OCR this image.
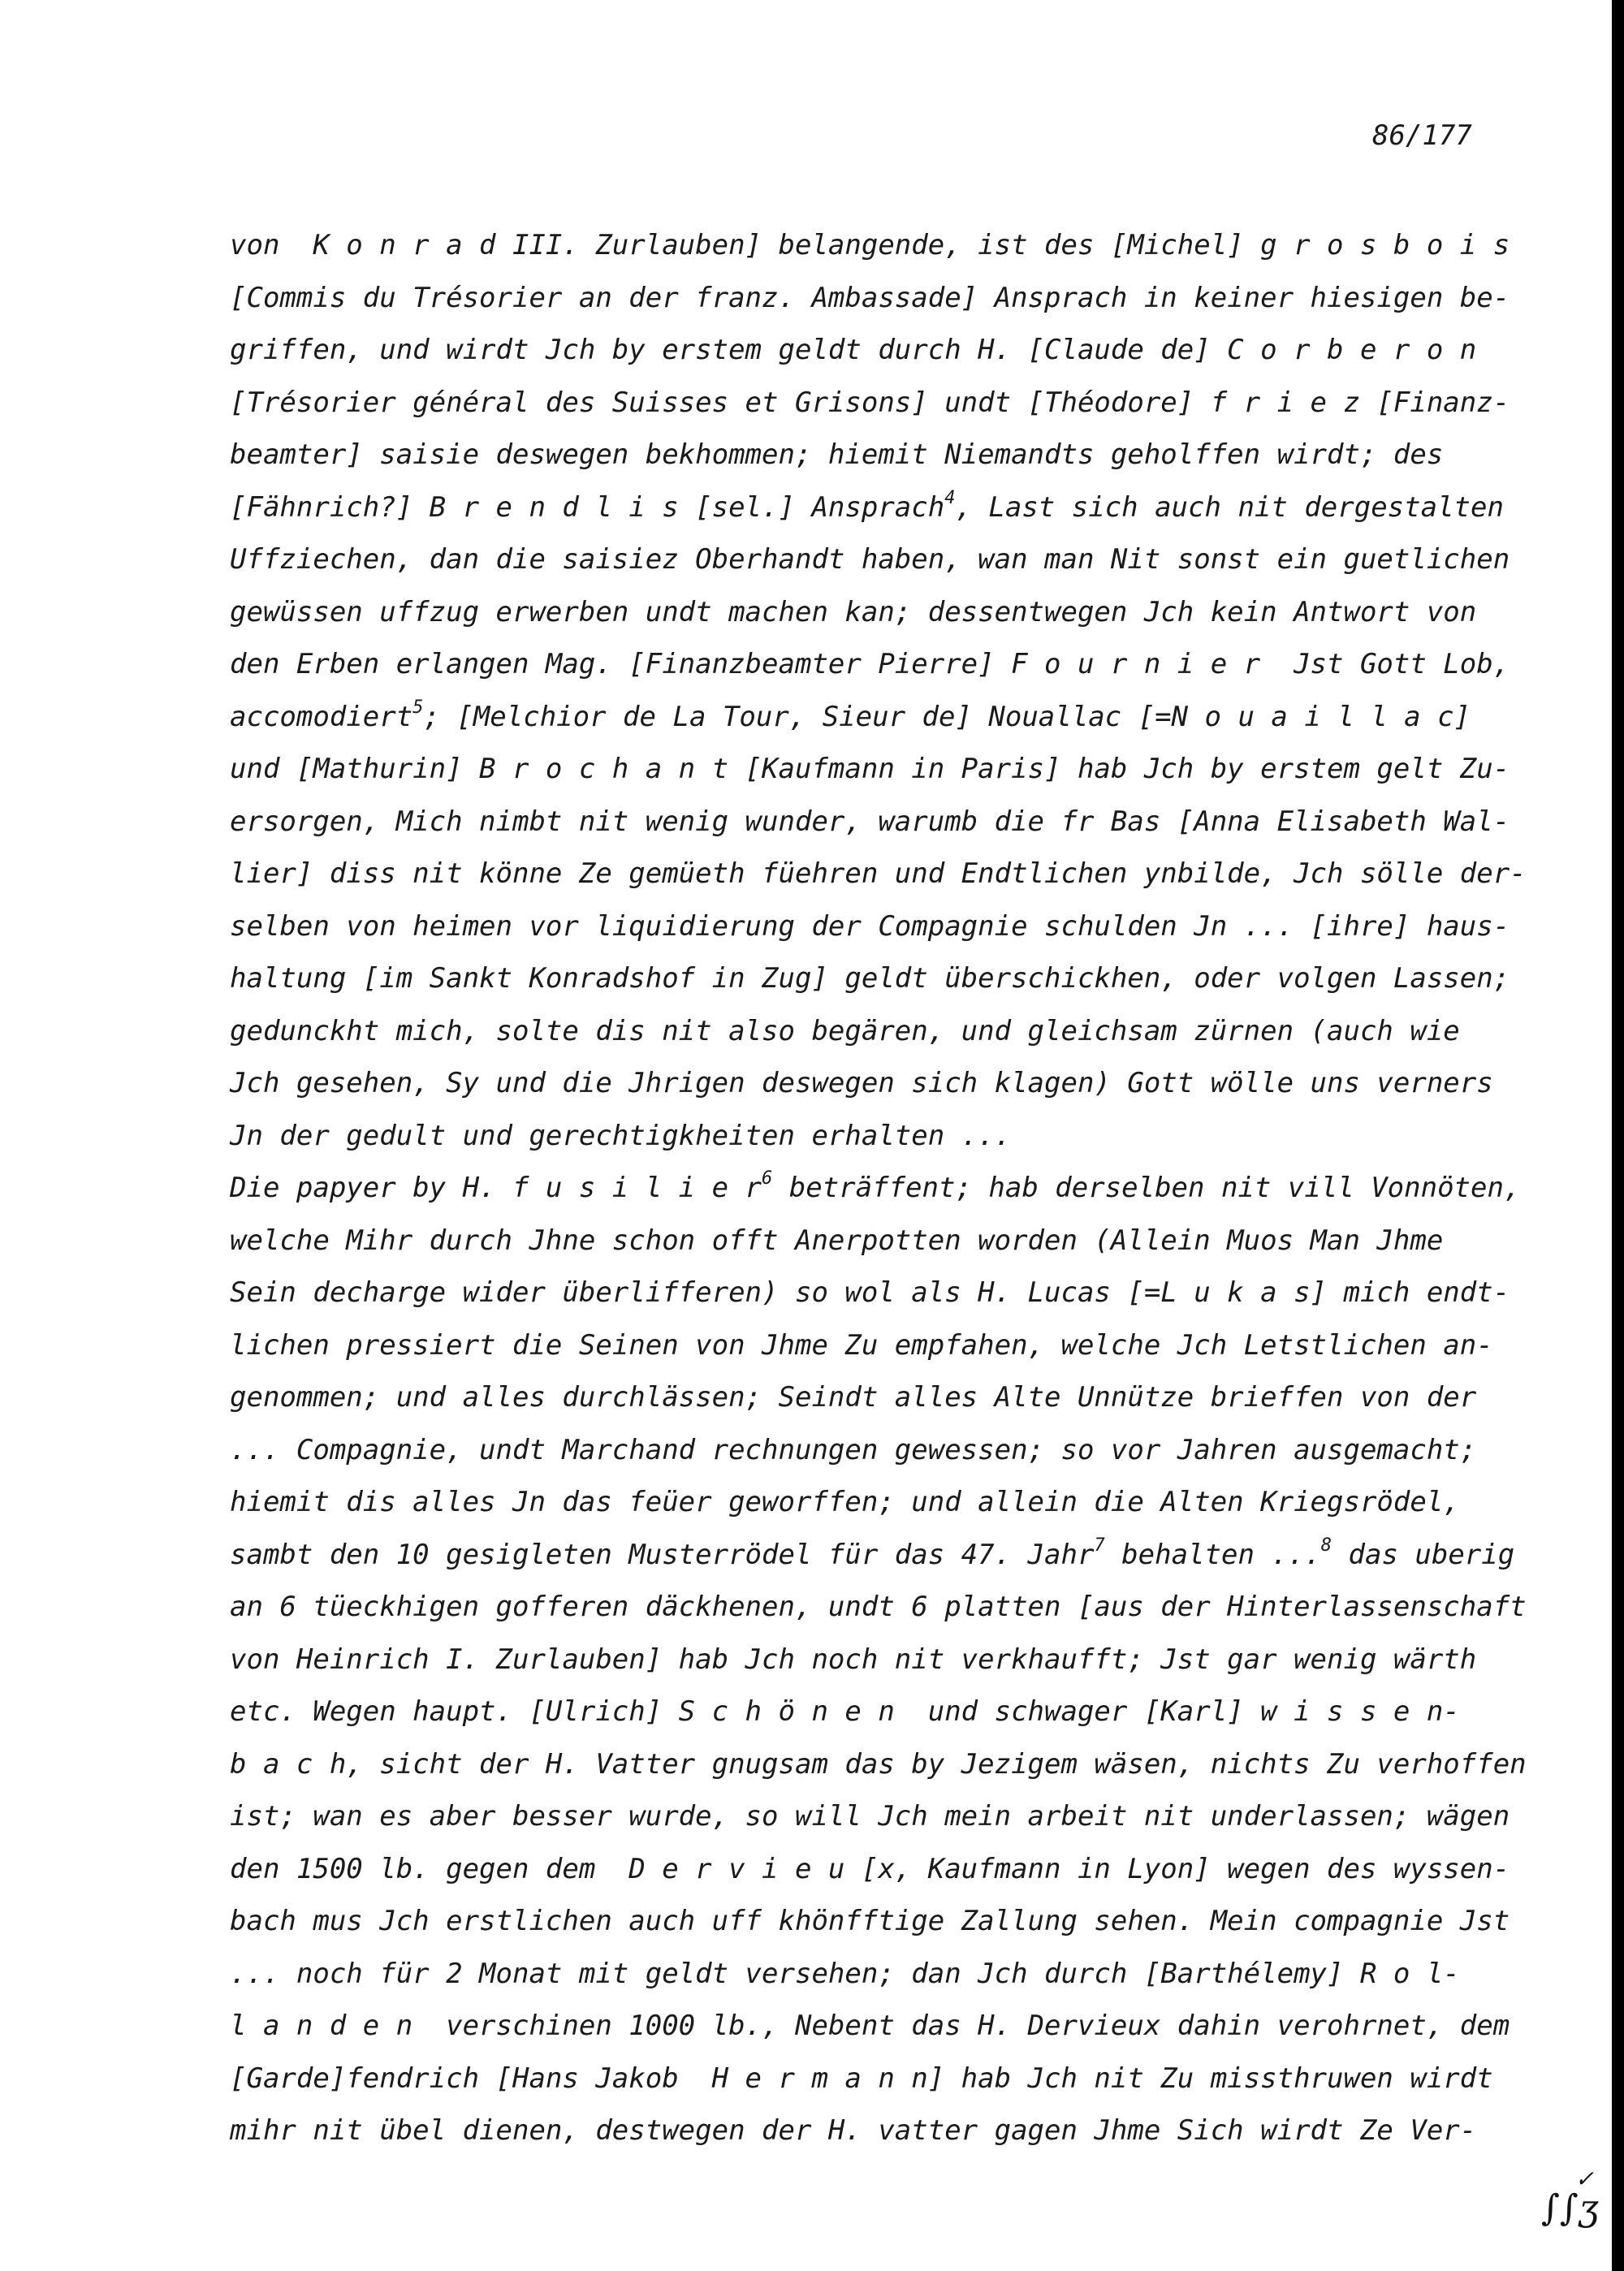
86/177
von  K o n r a d III. Zurlauben] belangende, ist des [Michel] g r o s b o i s
[Commis du Trésorier an der franz. Ambassade] Ansprach in keiner hiesigen be-
griffen, und wirdt Jch by erstem geldt durch H. [Claude de] C o r b e r o n
[Trésorier général des Suisses et Grisons] undt [Théodore] f r i e z [Finanz-
beamter] saisie deswegen bekhommen; hiemit Niemandts geholffen wirdt; des
[Fähnrich?] B r e n d l i s [sel.] Ansprach$^4$, Last sich auch nit dergestalten
Uffziechen, dan die saisiez Oberhandt haben, wan man Nit sonst ein guetlichen
gewüssen uffzug erwerben undt machen kan; dessentwegen Jch kein Antwort von
den Erben erlangen Mag. [Finanzbeamter Pierre] F o u r n i e r  Jst Gott Lob,
accomodiert$^5$; [Melchior de La Tour, Sieur de] Nouallac [=N o u a i l l a c]
und [Mathurin] B r o c h a n t [Kaufmann in Paris] hab Jch by erstem gelt Zu-
ersorgen, Mich nimbt nit wenig wunder, warumb die fr Bas [Anna Elisabeth Wal-
lier] diss nit könne Ze gemüeth füehren und Endtlichen ynbilde, Jch sölle der-
selben von heimen vor liquidierung der Compagnie schulden Jn ... [ihre] haus-
haltung [im Sankt Konradshof in Zug] geldt überschickhen, oder volgen Lassen;
gedunckht mich, solte dis nit also begären, und gleichsam zürnen (auch wie
Jch gesehen, Sy und die Jhrigen deswegen sich klagen) Gott wölle uns verners
Jn der gedult und gerechtigkheiten erhalten ...
Die papyer by H. f u s i l i e $r^6$ beträffent; hab derselben nit vill Vonnöten,
welche Mihr durch Jhne schon offt Anerpotten worden (Allein Muos Man Jhme
Sein decharge wider überlifferen) so wol als H. Lucas [=L u k a s] mich endt-
lichen pressiert die Seinen von Jhme Zu empfahen, welche Jch Letstlichen an-
genommen; und alles durchlässen; Seindt alles Alte Unnütze brieffen von der
... Compagnie, undt Marchand rechnungen gewessen; so vor Jahren ausgemacht;
hiemit dis alles Jn das feüer geworffen; und allein die Alten Kriegsrödel,
sambt den 10 gesigleten Musterrödel für das 47. Jahr$^7$ behalten ...$^8$ das uberig
an 6 tüeckhigen gofferen däckhenen, undt 6 platten [aus der Hinterlassenschaft
von Heinrich I. Zurlauben] hab Jch noch nit verkhaufft; Jst gar wenig wärth
etc. Wegen haupt. [Ulrich] S c h ö n e n  und schwager [Karl] w i s s e n-
b a c h, sicht der H. Vatter gnugsam das by Jezigem wäsen, nichts Zu verhoffen
ist; wan es aber besser wurde, so will Jch mein arbeit nit underlassen; wägen
den 1500 lb. gegen dem  D e r v i e u [x, Kaufmann in Lyon] wegen des wyssen-
bach mus Jch erstlichen auch uff khönfftige Zallung sehen. Mein compagnie Jst
... noch für 2 Monat mit geldt versehen; dan Jch durch [Barthélemy] R o l-
l a n d e n  verschinen 1000 lb., Nebent das H. Dervieux dahin verohrnet, dem
[Garde]fendrich [Hans Jakob  H e r m a n n] hab Jch nit Zu missthruwen wirdt
mihr nit übel dienen, destwegen der H. vatter gagen Jhme Sich wirdt Ze Ver-
✓
∫∫ʒ
